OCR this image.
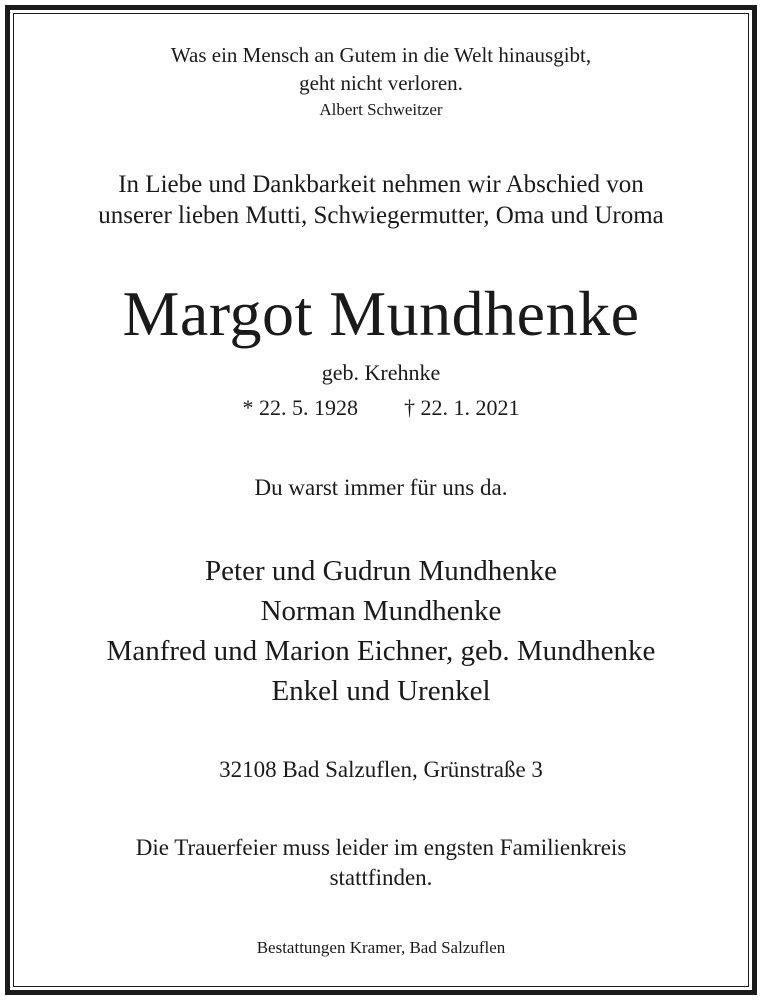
Was ein Mensch an Gutem in die Welt hinausgibt,
geht nicht verloren.
Albert Schweitzer
In Liebe und Dankbarkeit nehmen wir Abschied von
unserer lieben Mutti, Schwiegermutter, Oma und Uroma
Margot Mundhenke
geb. Krehnke
* 22. 5. 1928 † 22. 1. 2021
Du warst immer für uns da.
Peter und Gudrun Mundhenke
Norman Mundhenke
Manfred und Marion Eichner, geb. Mundhenke
Enkel und Urenkel
32108 Bad Salzuflen, Grünstraße 3
Die Trauerfeier muss leider im engsten Familienkreis
stattfinden.
Bestattungen Kramer, Bad Salzuflen
